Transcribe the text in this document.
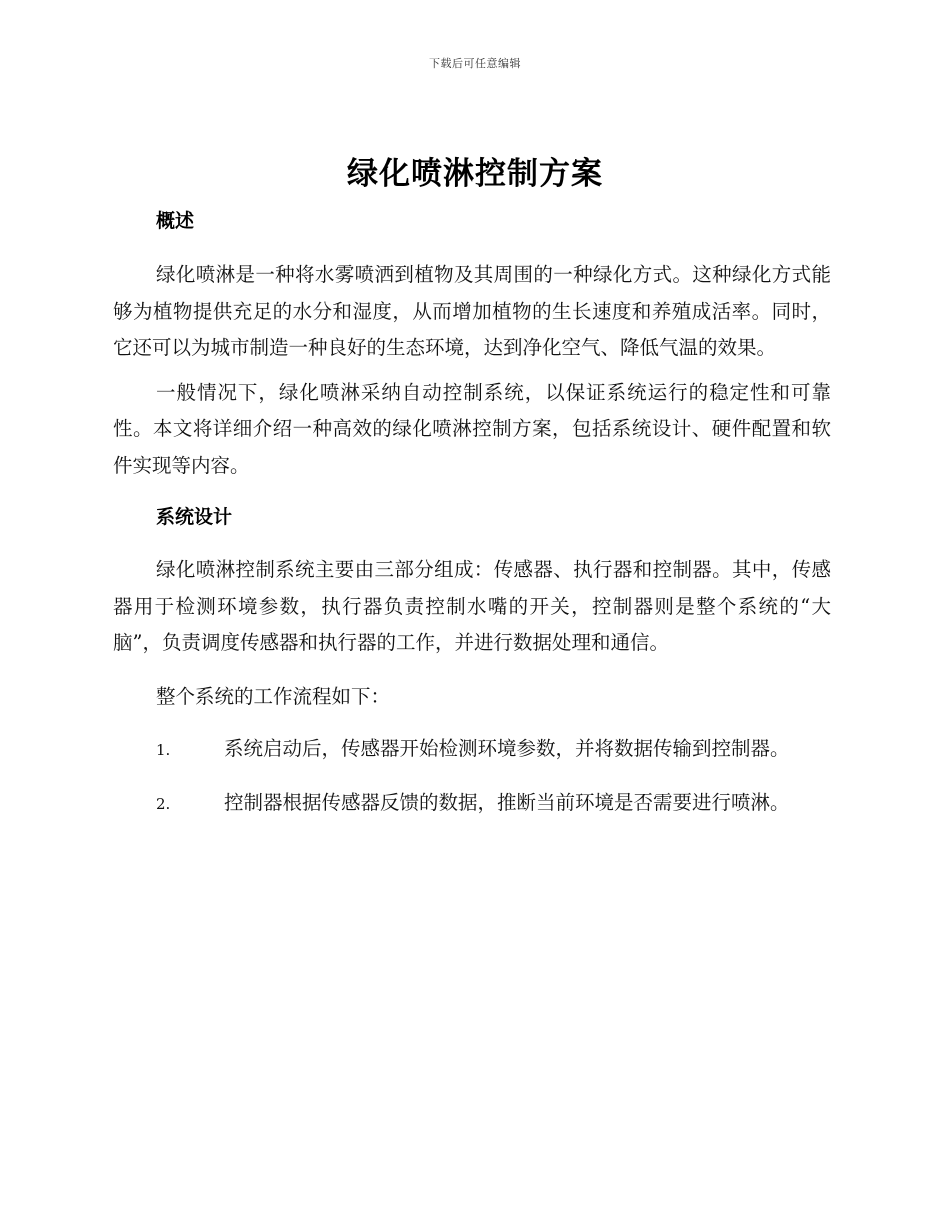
下载后可任意编辑
绿化喷淋控制方案
概述

绿化喷淋是一种将水雾喷洒到植物及其周围的一种绿化方式。这种绿化方式能够为植物提供充足的水分和湿度，从而增加植物的生长速度和养殖成活率。同时，它还可以为城市制造一种良好的生态环境，达到净化空气、降低气温的效果。

一般情况下，绿化喷淋采纳自动控制系统，以保证系统运行的稳定性和可靠性。本文将详细介绍一种高效的绿化喷淋控制方案，包括系统设计、硬件配置和软件实现等内容。

系统设计

绿化喷淋控制系统主要由三部分组成：传感器、执行器和控制器。其中，传感器用于检测环境参数，执行器负责控制水嘴的开关，控制器则是整个系统的“大脑”，负责调度传感器和执行器的工作，并进行数据处理和通信。

整个系统的工作流程如下：

1.	系统启动后，传感器开始检测环境参数，并将数据传输到控制器。

2.	控制器根据传感器反馈的数据，推断当前环境是否需要进行喷淋。
